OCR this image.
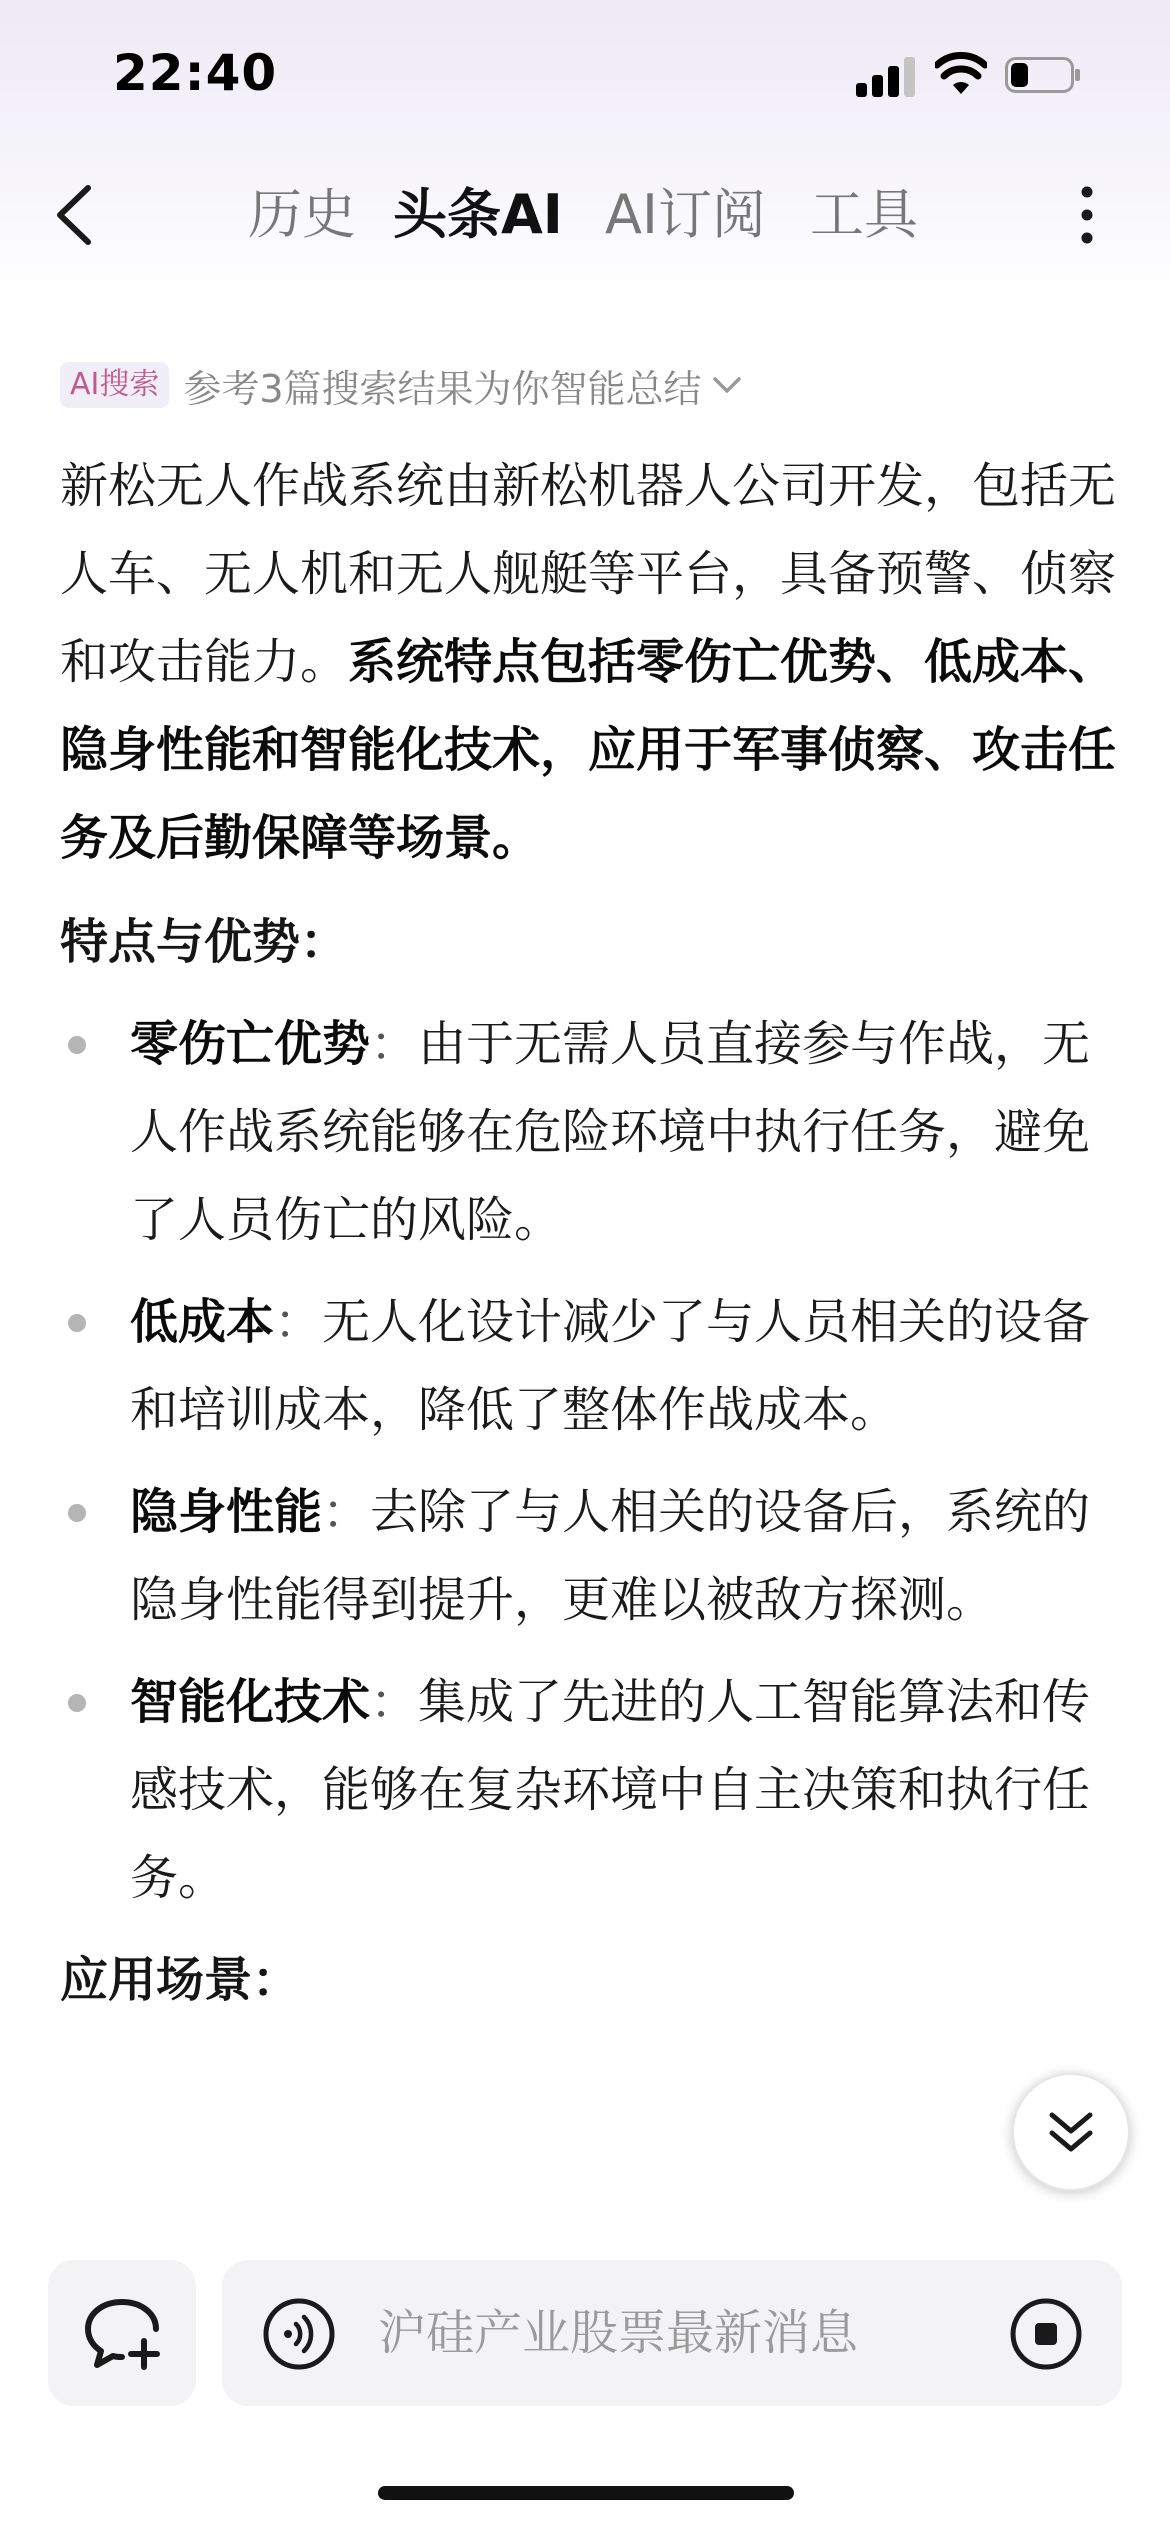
22:40
历史 头条AI AI订阅 工具
AI搜索 参考3篇搜索结果为你智能总结

新松无人作战系统由新松机器人公司开发，包括无人车、无人机和无人舰艇等平台，具备预警、侦察和攻击能力。系统特点包括零伤亡优势、低成本、隐身性能和智能化技术，应用于军事侦察、攻击任务及后勤保障等场景。

特点与优势：
零伤亡优势：由于无需人员直接参与作战，无人作战系统能够在危险环境中执行任务，避免了人员伤亡的风险。
低成本：无人化设计减少了与人员相关的设备和培训成本，降低了整体作战成本。
隐身性能：去除了与人相关的设备后，系统的隐身性能得到提升，更难以被敌方探测。
智能化技术：集成了先进的人工智能算法和传感技术，能够在复杂环境中自主决策和执行任务。
应用场景：
沪硅产业股票最新消息
